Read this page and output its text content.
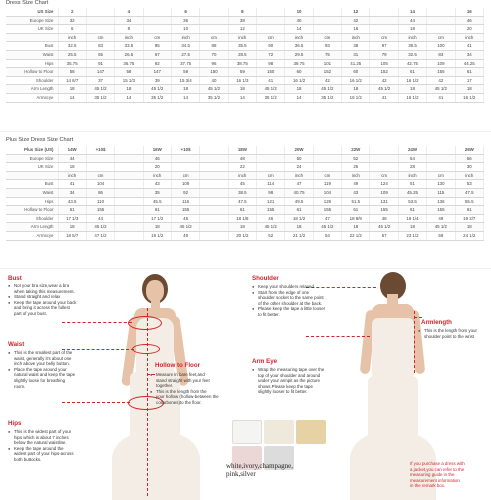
Dress Size Chart
US Size	2		4		6		8		10		12		14		16
Europe Size	32		34		36		38		40		42		44		46
UK Size	6		8		10		12		14		16		18		20
	inch	cm	inch	cm	inch	cm	inch	cm	inch	cm	inch	cm	inch	cm	inch
Bust	32.5	83	33.5	85	34.5	88	35.5	90	36.5	93	38	97	39.5	100	41
Waist	25.5	65	26.5	67	27.5	70	28.5	72	29.5	75	31	79	32.5	83	34
Hips	35.75	91	36.75	92	37.75	96	38.75	98	39.75	101	41.25	105	42.75	109	44.25
Hollow to Floor	58	147	58	147	59	150	59	150	60	152	60	152	61	155	61
Shoulder	14 6/7	37	15 1/3	39	15 3/4	40	16 1/3	41	16 1/2	42	16 1/2	42	16 1/2	42	17
Arm Length	18	45 1/2	18	45 1/2	18	45 1/2	18	45 1/2	18	45 1/2	18	45 1/2	18	45 1/2	18
Armscye	14	35 1/2	14	35 1/2	14	35 1/2	14	35 1/2	14	35 1/2	16 1/2	41	16 1/2	41	16 1/2
Plus Size Dress Size Chart
Plus Size (US)	14W	+10$		16W	+10$		18W		20W		22W		24W		26W
Europe Size	44			46			48		50		52		54		56
UK Size	18			20			22		24		26		28		30
	inch	cm		inch	cm		inch	cm	inch	cm	inch	cm	inch	cm	inch
Bust	41	104		43	109		45	114	47	119	49	124	51	130	53
Waist	34	86		35	92		38.5	98	40.75	104	43	109	45.25	115	47.5
Hips	43.5	110		45.5	116		47.5	121	49.5	126	51.5	131	53.5	136	55.5
Hollow to Floor	61	155		61	155		61	155	61	155	61	155	61	155	61
Shoulder	17 1/3	44		17 1/2	45		18 1/8	46	18 1/2	47	18 8/9	48	19 1/4	49	19 2/7
Arm Length	18	45 1/2		18	45 1/2		18	45 1/2	18	45 1/2	18	45 1/2	18	45 1/2	18
Armscye	18 5/7	47 1/2		19 1/2	49		20 1/2	52	21 1/2	54	22 1/2	57	23 1/2	59	24 1/2
Bust
● Not your bra size,wear a bra
when taking this measurement.
● Stand straight and relax
● Keep the tape around your back
and bring it across the fullest
part of your bust.
Waist
● This is the smallest part of the
waist, generally it's about one
inch above your belly button.
● Place the tape around your
natural waist and keep the tape
slightly loose for breathing
room.
Hips
● This is the widest part of your
hips which is about 7 inches
below the natural waistline.
● Keep the tape around the
widest part of your hips-across
both buttocks.
Hollow to Floor
● Measure in bare feet,and
stand straight with your feet
together.
● This is the length from the
your hollow (hollow-between the
collarbones)to the floor.
Shoulder
● Keep your shoulders relaxed.
● Start from the edge of one
shoulder socket to the same point
of the other shoulder at the back.
● Please keep the tape a little looser
to fit better.
Arm Eye
● Wrap the measuring tape over the
top of your shoulder and around
under your armpit as the picture
shows.Please keep the tape
slightly looser to fit better.
Armlength
● This is the length from your
shoulder point to the wrist
If you purchase a dress with
a jacket,you can refer to the
measuring guide in the
measurement information
in the remark box.
white,ivory,champagne,
pink,silver
